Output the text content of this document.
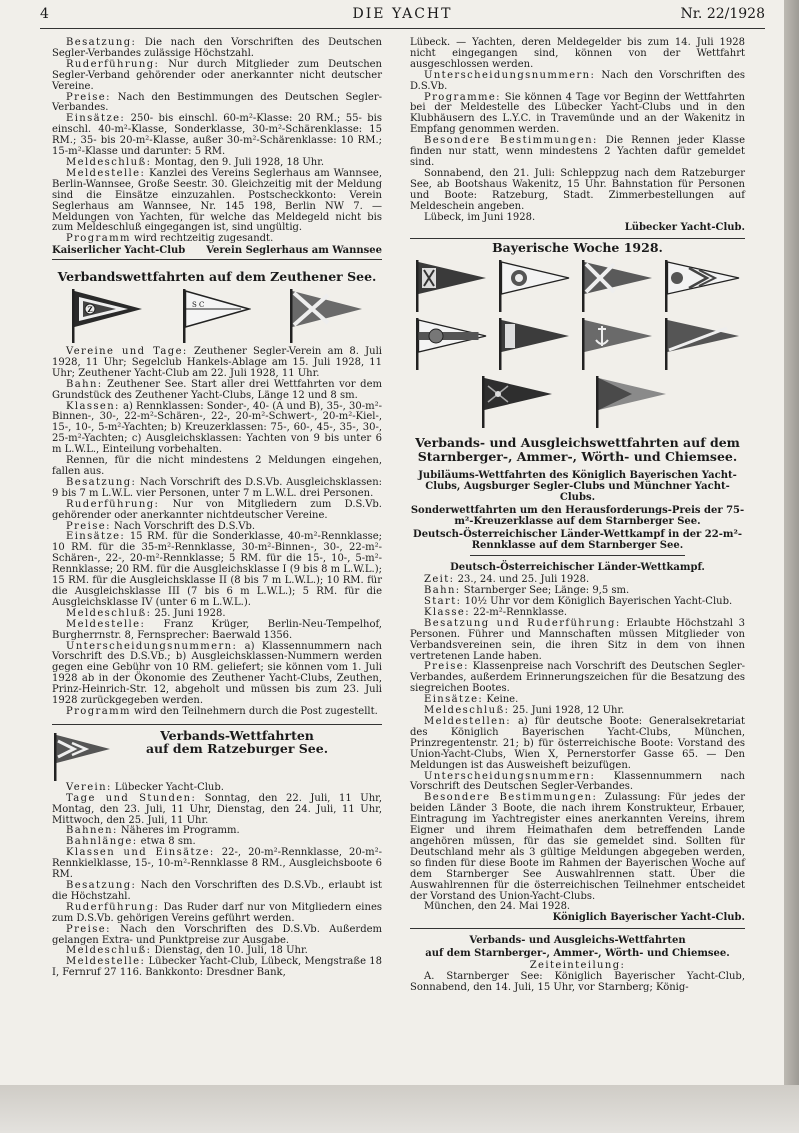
4	DIE YACHT	Nr. 22/1928

Besatzung: Die nach den Vorschriften des Deutschen Segler-Verbandes zulässige Höchstzahl.

Ruderführung: Nur durch Mitglieder zum Deutschen Segler-Verband gehörender oder anerkannter nicht deutscher Vereine.

Preise: Nach den Bestimmungen des Deutschen Segler-Verbandes.

Einsätze: 250- bis einschl. 60-m²-Klasse: 20 RM.; 55- bis einschl. 40-m²-Klasse, Sonderklasse, 30-m²-Schärenklasse: 15 RM.; 35- bis 20-m²-Klasse, außer 30-m²-Schärenklasse: 10 RM.; 15-m²-Klasse und darunter: 5 RM.

Meldeschluß: Montag, den 9. Juli 1928, 18 Uhr.

Meldestelle: Kanzlei des Vereins Seglerhaus am Wannsee, Berlin-Wannsee, Große Seestr. 30. Gleichzeitig mit der Meldung sind die Einsätze einzuzahlen. Postscheckkonto: Verein Seglerhaus am Wannsee, Nr. 145 198, Berlin NW 7. — Meldungen von Yachten, für welche das Meldegeld nicht bis zum Meldeschluß eingegangen ist, sind ungültig.

Programm wird rechtzeitig zugesandt.

Kaiserlicher Yacht-Club Verein Seglerhaus am Wannsee
Verbandswettfahrten auf dem Zeuthener See.
Z	S C

Vereine und Tage: Zeuthener Segler-Verein am 8. Juli 1928, 11 Uhr; Segelclub Hankels-Ablage am 15. Juli 1928, 11 Uhr; Zeuthener Yacht-Club am 22. Juli 1928, 11 Uhr.

Bahn: Zeuthener See. Start aller drei Wettfahrten vor dem Grundstück des Zeuthener Yacht-Clubs, Länge 12 und 8 sm.

Klassen: a) Rennklassen: Sonder-, 40- (A und B), 35-, 30-m²-Binnen-, 30-, 22-m²-Schären-, 22-, 20-m²-Schwert-, 20-m²-Kiel-, 15-, 10-, 5-m²-Yachten; b) Kreuzerklassen: 75-, 60-, 45-, 35-, 30-, 25-m²-Yachten; c) Ausgleichsklassen: Yachten von 9 bis unter 6 m L.W.L., Einteilung vorbehalten.

Rennen, für die nicht mindestens 2 Meldungen eingehen, fallen aus.

Besatzung: Nach Vorschrift des D.S.Vb. Ausgleichsklassen: 9 bis 7 m L.W.L. vier Personen, unter 7 m L.W.L. drei Personen.

Ruderführung: Nur von Mitgliedern zum D.S.Vb. gehörender oder anerkannter nichtdeutscher Vereine.

Preise: Nach Vorschrift des D.S.Vb.

Einsätze: 15 RM. für die Sonderklasse, 40-m²-Rennklasse; 10 RM. für die 35-m²-Rennklasse, 30-m²-Binnen-, 30-, 22-m²-Schären-, 22-, 20-m²-Rennklasse; 5 RM. für die 15-, 10-, 5-m²-Rennklasse; 20 RM. für die Ausgleichsklasse I (9 bis 8 m L.W.L.); 15 RM. für die Ausgleichsklasse II (8 bis 7 m L.W.L.); 10 RM. für die Ausgleichsklasse III (7 bis 6 m L.W.L.); 5 RM. für die Ausgleichsklasse IV (unter 6 m L.W.L.).

Meldeschluß: 25. Juni 1928.

Meldestelle: Franz Krüger, Berlin-Neu-Tempelhof, Burgherrnstr. 8, Fernsprecher: Baerwald 1356.

Unterscheidungsnummern: a) Klassennummern nach Vorschrift des D.S.Vb.; b) Ausgleichsklassen-Nummern werden gegen eine Gebühr von 10 RM. geliefert; sie können vom 1. Juli 1928 ab in der Ökonomie des Zeuthener Yacht-Clubs, Zeuthen, Prinz-Heinrich-Str. 12, abgeholt und müssen bis zum 23. Juli 1928 zurückgegeben werden.

Programm wird den Teilnehmern durch die Post zugestellt.

Verbands-Wettfahrten
auf dem Ratzeburger See.

Verein: Lübecker Yacht-Club.

Tage und Stunden: Sonntag, den 22. Juli, 11 Uhr, Montag, den 23. Juli, 11 Uhr, Dienstag, den 24. Juli, 11 Uhr, Mittwoch, den 25. Juli, 11 Uhr.

Bahnen: Näheres im Programm.

Bahnlänge: etwa 8 sm.

Klassen und Einsätze: 22-, 20-m²-Rennklasse, 20-m²-Rennkielklasse, 15-, 10-m²-Rennklasse 8 RM., Ausgleichsboote 6 RM.

Besatzung: Nach den Vorschriften des D.S.Vb., erlaubt ist die Höchstzahl.

Ruderführung: Das Ruder darf nur von Mitgliedern eines zum D.S.Vb. gehörigen Vereins geführt werden.

Preise: Nach den Vorschriften des D.S.Vb. Außerdem gelangen Extra- und Punktpreise zur Ausgabe.

Meldeschluß: Dienstag, den 10. Juli, 18 Uhr.

Meldestelle: Lübecker Yacht-Club, Lübeck, Mengstraße 18 I, Fernruf 27 116. Bankkonto: Dresdner Bank,

Lübeck. — Yachten, deren Meldegelder bis zum 14. Juli 1928 nicht eingegangen sind, können von der Wettfahrt ausgeschlossen werden.

Unterscheidungsnummern: Nach den Vorschriften des D.S.Vb.

Programme: Sie können 4 Tage vor Beginn der Wettfahrten bei der Meldestelle des Lübecker Yacht-Clubs und in den Klubhäusern des L.Y.C. in Travemünde und an der Wakenitz in Empfang genommen werden.

Besondere Bestimmungen: Die Rennen jeder Klasse finden nur statt, wenn mindestens 2 Yachten dafür gemeldet sind.

Sonnabend, den 21. Juli: Schleppzug nach dem Ratzeburger See, ab Bootshaus Wakenitz, 15 Uhr. Bahnstation für Personen und Boote: Ratzeburg, Stadt. Zimmerbestellungen auf Meldeschein angeben.

Lübeck, im Juni 1928.

Lübecker Yacht-Club.
Bayerische Woche 1928.
Verbands- und Ausgleichswettfahrten auf dem Starnberger-, Ammer-, Wörth- und Chiemsee.
Jubiläums-Wettfahrten des Königlich Bayerischen Yacht-Clubs, Augsburger Segler-Clubs und Münchner Yacht-Clubs.
Sonderwettfahrten um den Herausforderungs-Preis der 75-m²-Kreuzerklasse auf dem Starnberger See.
Deutsch-Österreichischer Länder-Wettkampf in der 22-m²-Rennklasse auf dem Starnberger See.
Deutsch-Österreichischer Länder-Wettkampf.

Zeit: 23., 24. und 25. Juli 1928.

Bahn: Starnberger See; Länge: 9,5 sm.

Start: 10½ Uhr vor dem Königlich Bayerischen Yacht-Club.

Klasse: 22-m²-Rennklasse.

Besatzung und Ruderführung: Erlaubte Höchstzahl 3 Personen. Führer und Mannschaften müssen Mitglieder von Verbandsvereinen sein, die ihren Sitz in dem von ihnen vertretenen Lande haben.

Preise: Klassenpreise nach Vorschrift des Deutschen Segler-Verbandes, außerdem Erinnerungszeichen für die Besatzung des siegreichen Bootes.

Einsätze: Keine.

Meldeschluß: 25. Juni 1928, 12 Uhr.

Meldestellen: a) für deutsche Boote: Generalsekretariat des Königlich Bayerischen Yacht-Clubs, München, Prinzregentenstr. 21; b) für österreichische Boote: Vorstand des Union-Yacht-Clubs, Wien X, Pernerstorfer Gasse 65. — Den Meldungen ist das Ausweisheft beizufügen.

Unterscheidungsnummern: Klassennummern nach Vorschrift des Deutschen Segler-Verbandes.

Besondere Bestimmungen: Zulassung: Für jedes der beiden Länder 3 Boote, die nach ihrem Konstrukteur, Erbauer, Eintragung im Yachtregister eines anerkannten Vereins, ihrem Eigner und ihrem Heimathafen dem betreffenden Lande angehören müssen, für das sie gemeldet sind. Sollten für Deutschland mehr als 3 gültige Meldungen abgegeben werden, so finden für diese Boote im Rahmen der Bayerischen Woche auf dem Starnberger See Auswahlrennen statt. Über die Auswahlrennen für die österreichischen Teilnehmer entscheidet der Vorstand des Union-Yacht-Clubs.

München, den 24. Mai 1928.

Königlich Bayerischer Yacht-Club.
Verbands- und Ausgleichs-Wettfahrten
auf dem Starnberger-, Ammer-, Wörth- und Chiemsee.
Zeiteinteilung:

A. Starnberger See: Königlich Bayerischer Yacht-Club, Sonnabend, den 14. Juli, 15 Uhr, vor Starnberg; König-
